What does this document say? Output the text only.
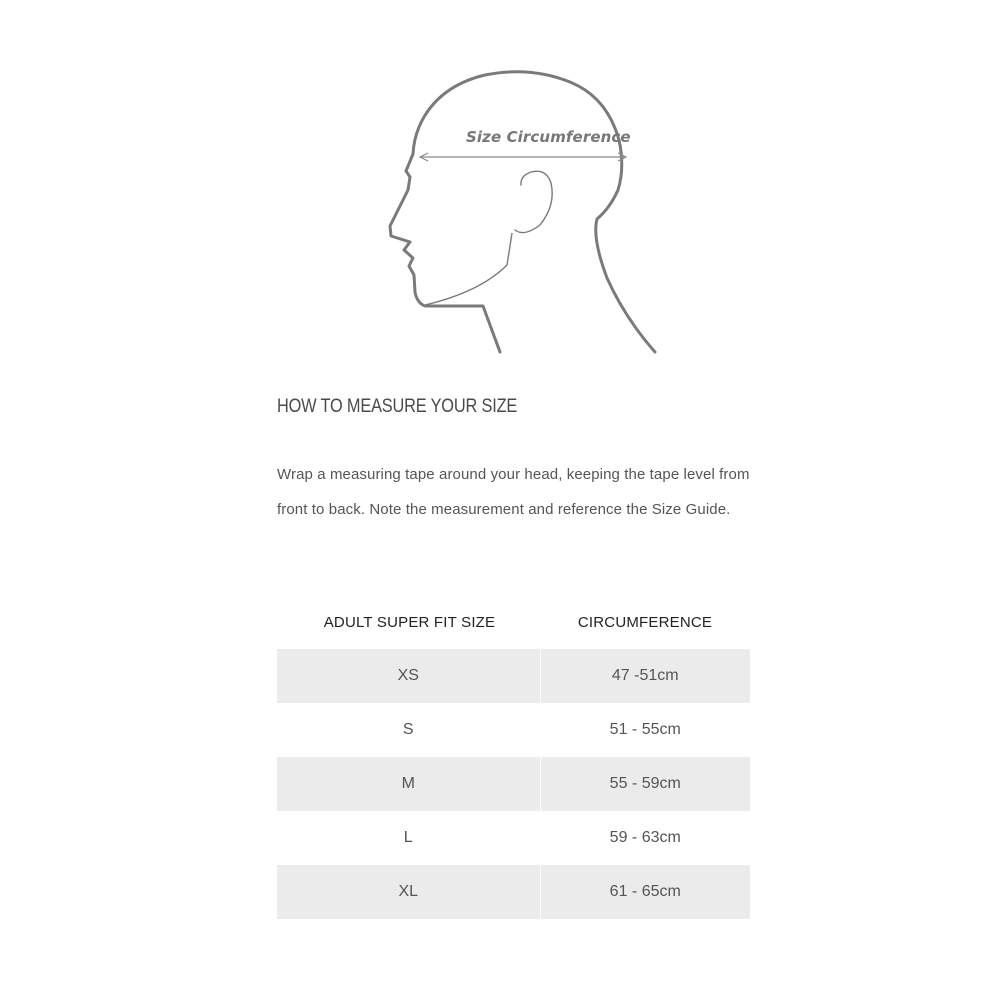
Size Circumference
HOW TO MEASURE YOUR SIZE
Wrap a measuring tape around your head, keeping the tape level from
front to back. Note the measurement and reference the Size Guide.
ADULT SUPER FIT SIZE	CIRCUMFERENCE
XS	47 -51cm
S	51 - 55cm
M	55 - 59cm
L	59 - 63cm
XL	61 - 65cm
